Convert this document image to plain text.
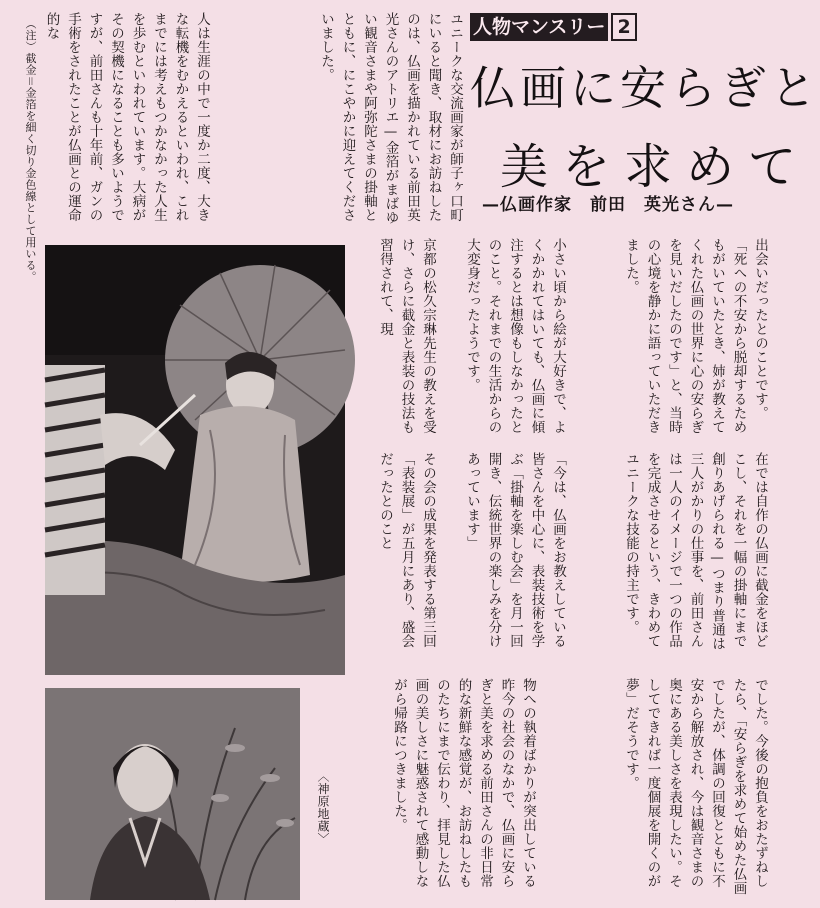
人物マンスリー 2
仏画に安らぎと
美を求めて
—仏画作家　前田　英光さん—
ユニークな交流画家が師子ヶ口町にいると聞き、取材にお訪ねしたのは、仏画を描かれている前田英光さんのアトリエ—金箔がまばゆい観音さまや阿弥陀さまの掛軸とともに、にこやかに迎えてくださいました。
人は生涯の中で一度か二度、大きな転機をむかえるといわれ、これまでには考えもつかなかった人生を歩むといわれています。大病がその契機になることも多いようですが、前田さんも十年前、ガンの手術をされたことが仏画との運命的な
（注）截金＝金箔を細く切り金色線として用いる。
出会いだったとのことです。「死への不安から脱却するためもがいていたとき、姉が教えてくれた仏画の世界に心の安らぎを見いだしたのです」と、当時の心境を静かに語っていただきました。
小さい頃から絵が大好きで、よくかかれてはいても、仏画に傾注するとは想像もしなかったとのこと。それまでの生活からの大変身だったようです。
京都の松久宗琳先生の教えを受け、さらに截金と表装の技法も習得されて、現
在では自作の仏画に截金をほどこし、それを一幅の掛軸にまで創りあげられる—つまり普通は三人がかりの仕事を、前田さんは一人のイメージで一つの作品を完成させるという、きわめてユニークな技能の持主です。
「今は、仏画をお教えしている皆さんを中心に、表装技術を学ぶ「掛軸を楽しむ会」を月一回開き、伝統世界の楽しみを分けあっています」
その会の成果を発表する第三回「表装展」が五月にあり、盛会だったとのこと
でした。今後の抱負をおたずねしたら、「安らぎを求めて始めた仏画でしたが、体調の回復とともに不安から解放され、今は観音さまの奥にある美しさを表現したい。そしてできれば一度個展を開くのが夢」だそうです。
物への執着ばかりが突出している昨今の社会のなかで、仏画に安らぎと美を求める前田さんの非日常的な新鮮な感覚が、お訪ねしたものたちにまで伝わり、拝見した仏画の美しさに魅惑されて感動しながら帰路につきました。
〈神原地蔵〉
